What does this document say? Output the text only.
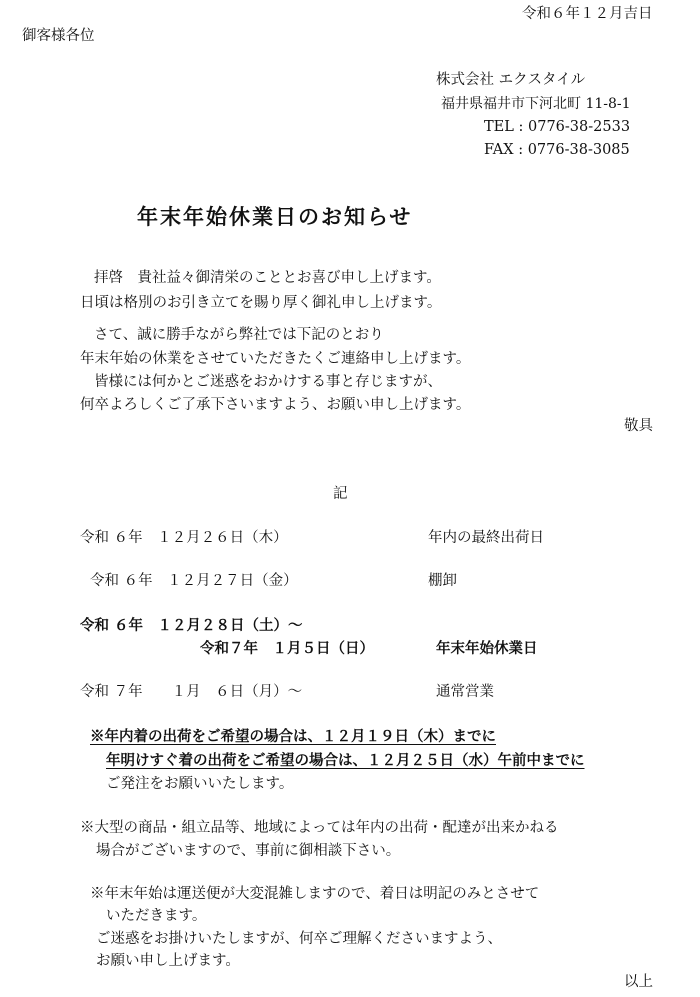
令和６年１２月吉日
御客様各位
株式会社 エクスタイル
福井県福井市下河北町 11-8-1
TEL : 0776-38-2533
FAX : 0776-38-3085
年末年始休業日のお知らせ
拝啓　貴社益々御清栄のこととお喜び申し上げます。
日頃は格別のお引き立てを賜り厚く御礼申し上げます。
さて、誠に勝手ながら弊社では下記のとおり
年末年始の休業をさせていただきたくご連絡申し上げます。
皆様には何かとご迷惑をおかけする事と存じますが、
何卒よろしくご了承下さいますよう、お願い申し上げます。
敬具
記
令和 ６年　１２月２６日（木）	年内の最終出荷日
令和 ６年　１２月２７日（金）	棚卸
令和 ６年　１２月２８日（土）～
令和７年　１月５日（日）	年末年始休業日
令和 ７年　　１月　６日（月）～	通常営業
※年内着の出荷をご希望の場合は、１２月１９日（木）までに
年明けすぐ着の出荷をご希望の場合は、１２月２５日（水）午前中までに
ご発注をお願いいたします。
※大型の商品・組立品等、地域によっては年内の出荷・配達が出来かねる
場合がございますので、事前に御相談下さい。
※年末年始は運送便が大変混雑しますので、着日は明記のみとさせて
いただきます。
ご迷惑をお掛けいたしますが、何卒ご理解くださいますよう、
お願い申し上げます。
以上
